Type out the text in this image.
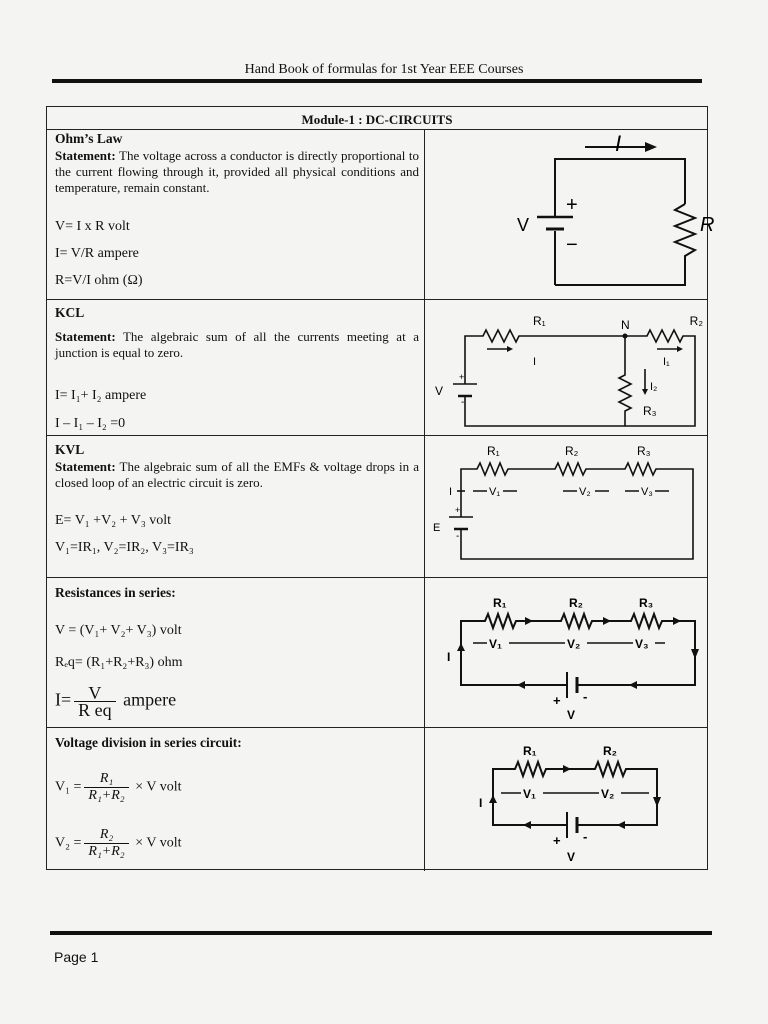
Hand Book of formulas for 1st Year EEE Courses
Module-1 : DC-CIRCUITS
Ohm’s Law
Statement: The voltage across a conductor is directly proportional to the current flowing through it, provided all physical conditions and temperature, remain constant.
V= I x R volt
I= V/R ampere
R=V/I ohm (Ω)
I
+
−
V	R
KCL
Statement: The algebraic sum of all the currents meeting at a junction is equal to zero.
I= I₁+ I₂ ampere
I – I₁ – I₂ =0
R₁	R₂
N
I	I₁
I₂
R₃
V
+
-
KVL
Statement: The algebraic sum of all the EMFs & voltage drops in a closed loop of an electric circuit is zero.
E= V₁ +V₂ + V₃ volt
V₁=IR₁, V₂=IR₂, V₃=IR₃
R₁	R₂	R₃
V₁	V₂	V₃
I
E
+
-
Resistances in series:
V = (V₁+ V₂+ V₃) volt
Rₑq= (R₁+R₂+R₃) ohm
$I= \frac{V}{\text{R eq}}$ ampere
R₁	R₂	R₃
V₁	V₂	V₃
I
V
+ -
Voltage division in series circuit:
$V_1 = \frac{\text{R₁}}{\text{R₁+R₂}} \times V$ volt
$V_2 = \frac{\text{R₂}}{\text{R₁+R₂}} \times V$ volt
R₁	R₂
V₁	V₂
I
V
+ -
Page 1
